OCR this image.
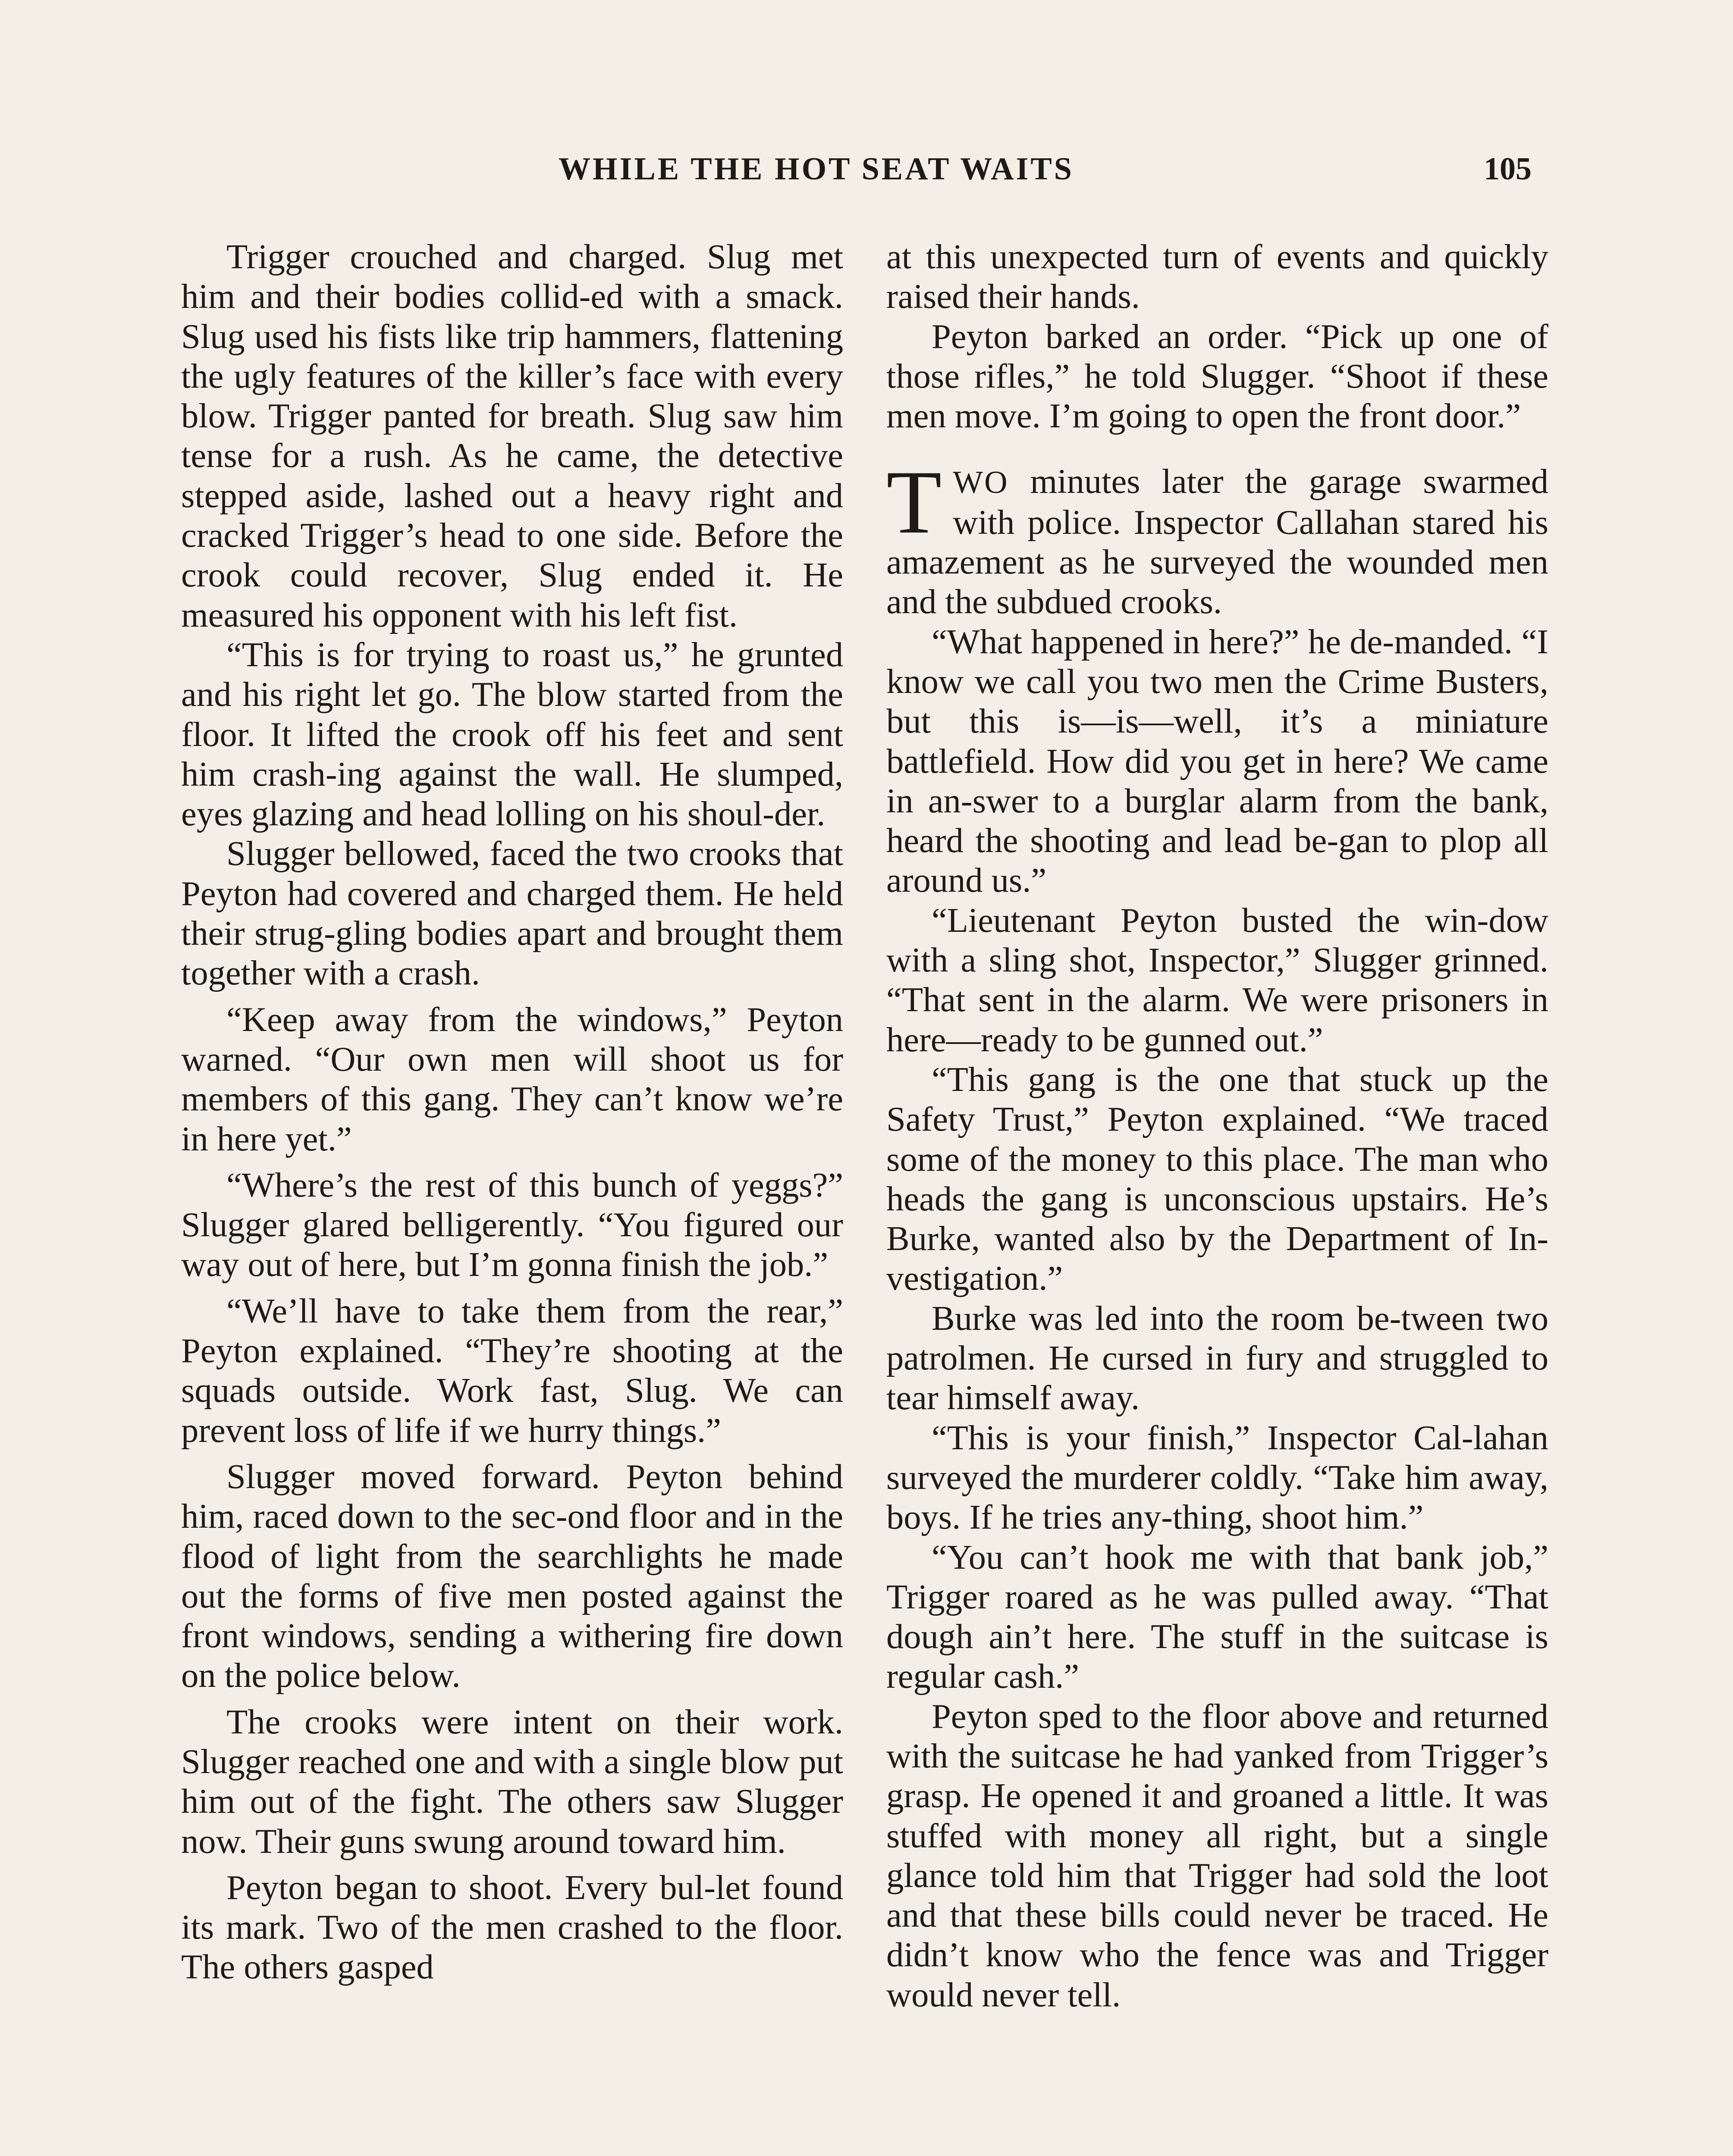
WHILE THE HOT SEAT WAITS	105

Trigger crouched and charged. Slug met him and their bodies collid-ed with a smack. Slug used his fists like trip hammers, flattening the ugly features of the killer’s face with every blow. Trigger panted for breath. Slug saw him tense for a rush. As he came, the detective stepped aside, lashed out a heavy right and cracked Trigger’s head to one side. Before the crook could recover, Slug ended it. He measured his opponent with his left fist.

“This is for trying to roast us,” he grunted and his right let go. The blow started from the floor. It lifted the crook off his feet and sent him crash-ing against the wall. He slumped, eyes glazing and head lolling on his shoul-der.

Slugger bellowed, faced the two crooks that Peyton had covered and charged them. He held their strug-gling bodies apart and brought them together with a crash.

“Keep away from the windows,” Peyton warned. “Our own men will shoot us for members of this gang. They can’t know we’re in here yet.”

“Where’s the rest of this bunch of yeggs?” Slugger glared belligerently. “You figured our way out of here, but I’m gonna finish the job.”

“We’ll have to take them from the rear,” Peyton explained. “They’re shooting at the squads outside. Work fast, Slug. We can prevent loss of life if we hurry things.”

Slugger moved forward. Peyton behind him, raced down to the sec-ond floor and in the flood of light from the searchlights he made out the forms of five men posted against the front windows, sending a withering fire down on the police below.

The crooks were intent on their work. Slugger reached one and with a single blow put him out of the fight. The others saw Slugger now. Their guns swung around toward him.

Peyton began to shoot. Every bul-let found its mark. Two of the men crashed to the floor. The others gasped

at this unexpected turn of events and quickly raised their hands.

Peyton barked an order. “Pick up one of those rifles,” he told Slugger. “Shoot if these men move. I’m going to open the front door.”

TWO minutes later the garage swarmed with police. Inspector Callahan stared his amazement as he surveyed the wounded men and the subdued crooks.

“What happened in here?” he de-manded. “I know we call you two men the Crime Busters, but this is—is—well, it’s a miniature battlefield. How did you get in here? We came in an-swer to a burglar alarm from the bank, heard the shooting and lead be-gan to plop all around us.”

“Lieutenant Peyton busted the win-dow with a sling shot, Inspector,” Slugger grinned. “That sent in the alarm. We were prisoners in here—ready to be gunned out.”

“This gang is the one that stuck up the Safety Trust,” Peyton explained. “We traced some of the money to this place. The man who heads the gang is unconscious upstairs. He’s Burke, wanted also by the Department of In-vestigation.”

Burke was led into the room be-tween two patrolmen. He cursed in fury and struggled to tear himself away.

“This is your finish,” Inspector Cal-lahan surveyed the murderer coldly. “Take him away, boys. If he tries any-thing, shoot him.”

“You can’t hook me with that bank job,” Trigger roared as he was pulled away. “That dough ain’t here. The stuff in the suitcase is regular cash.”

Peyton sped to the floor above and returned with the suitcase he had yanked from Trigger’s grasp. He opened it and groaned a little. It was stuffed with money all right, but a single glance told him that Trigger had sold the loot and that these bills could never be traced. He didn’t know who the fence was and Trigger would never tell.
